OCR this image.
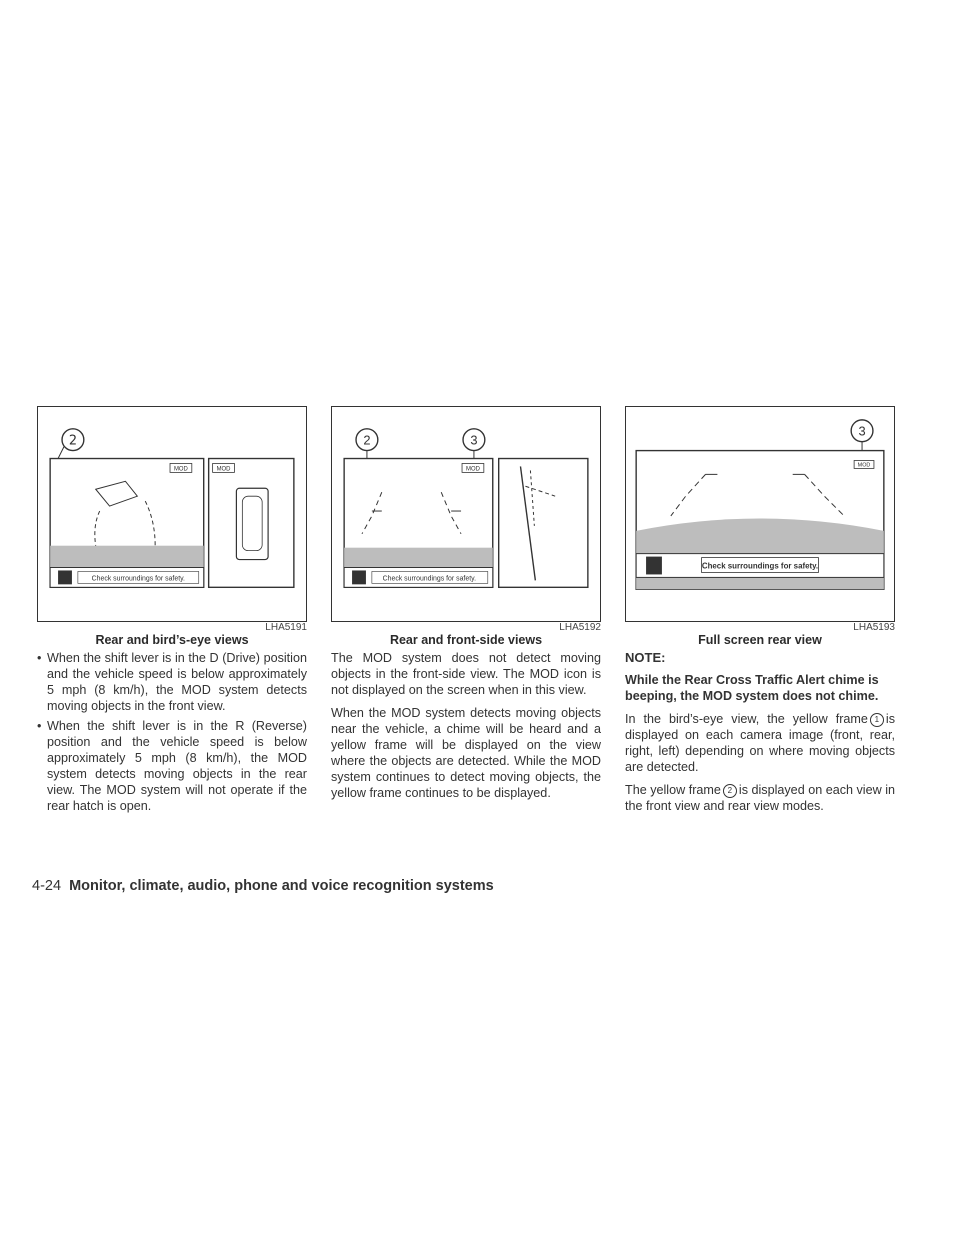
2
MOD
Check surroundings for safety.
MOD
LHA5191
Rear and bird’s-eye views
2	3
MOD
Check surroundings for safety.
LHA5192
Rear and front-side views
3
MOD
Check surroundings for safety.
LHA5193
Full screen rear view
• When the shift lever is in the D (Drive) position and the vehicle speed is below approximately 5 mph (8 km/h), the MOD system detects moving objects in the front view.
• When the shift lever is in the R (Reverse) position and the vehicle speed is below approximately 5 mph (8 km/h), the MOD system detects moving objects in the rear view. The MOD system will not operate if the rear hatch is open.

The MOD system does not detect moving objects in the front-side view. The MOD icon is not displayed on the screen when in this view.

When the MOD system detects moving objects near the vehicle, a chime will be heard and a yellow frame will be displayed on the view where the objects are detected. While the MOD system continues to detect moving objects, the yellow frame continues to be displayed.

NOTE:
While the Rear Cross Traffic Alert chime is beeping, the MOD system does not chime.

In the bird’s-eye view, the yellow frame 1 is displayed on each camera image (front, rear, right, left) depending on where moving objects are detected.

The yellow frame 2 is displayed on each view in the front view and rear view modes.

4-24 Monitor, climate, audio, phone and voice recognition systems
